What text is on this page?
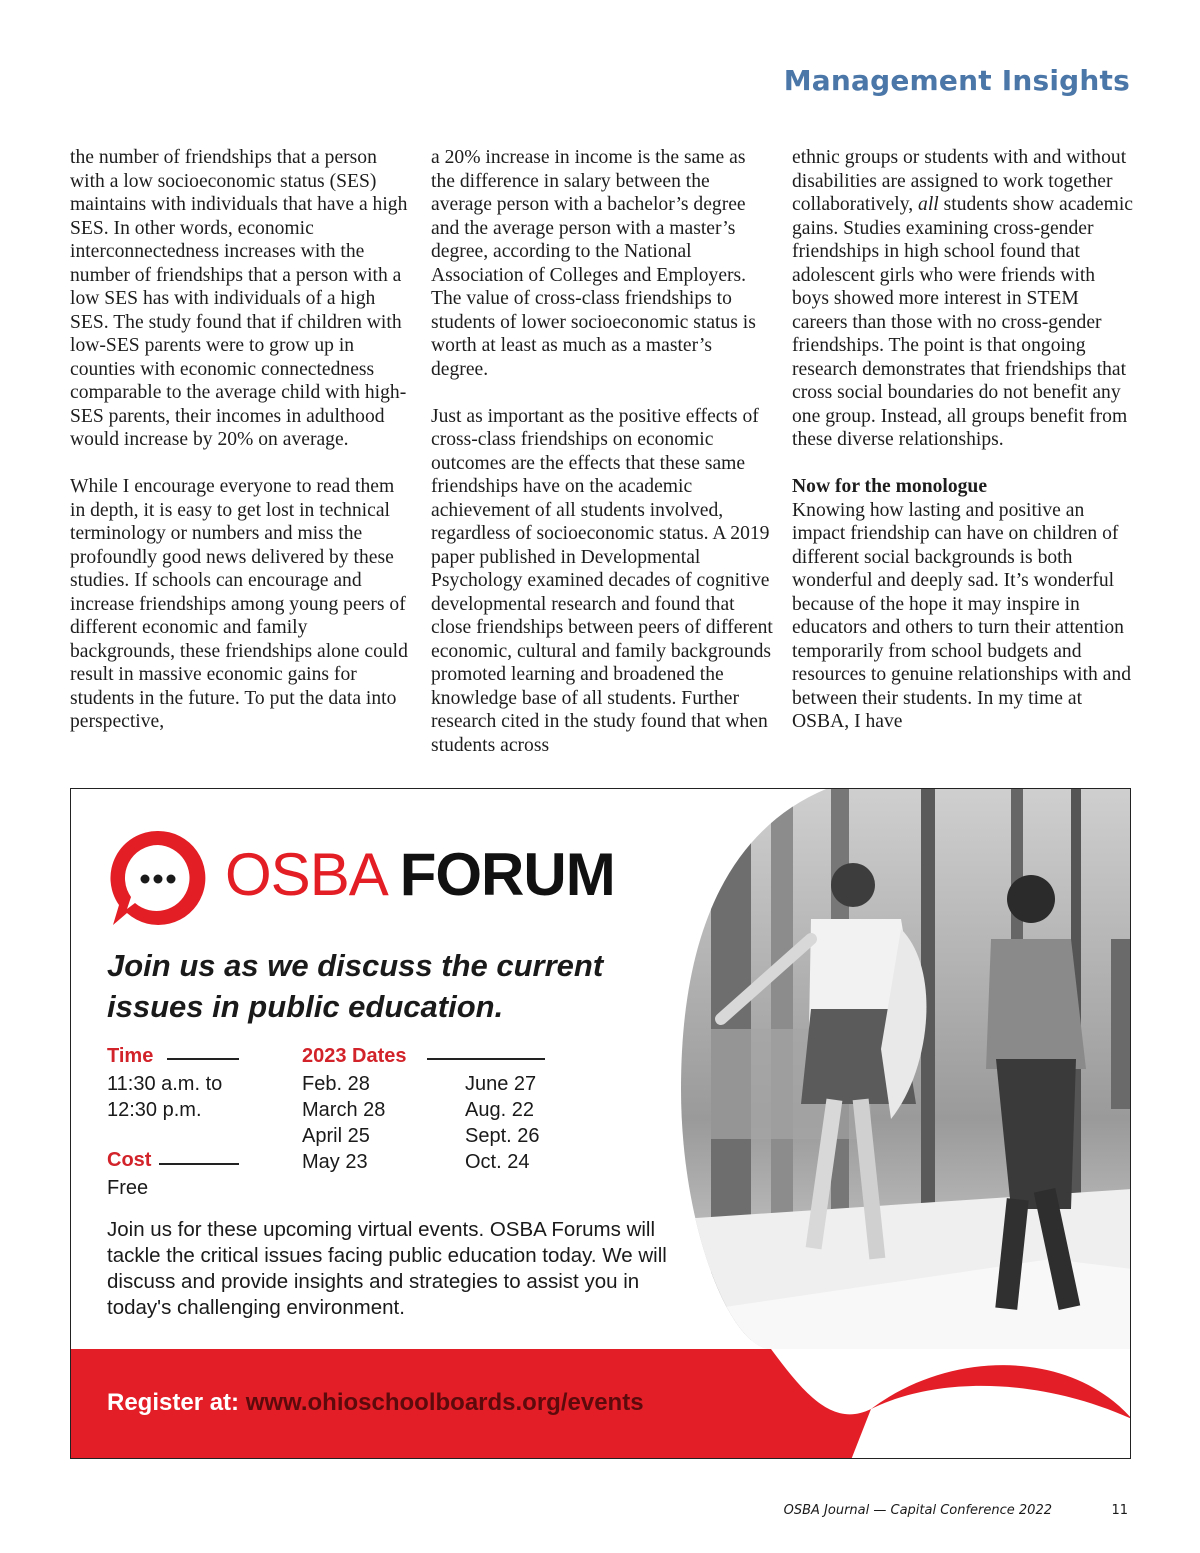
Management Insights

the number of friendships that a person with a low socioeconomic status (SES) maintains with individuals that have a high SES. In other words, economic interconnectedness increases with the number of friendships that a person with a low SES has with individuals of a high SES. The study found that if children with low-SES parents were to grow up in counties with economic connectedness comparable to the average child with high-SES parents, their incomes in adulthood would increase by 20% on average.

While I encourage everyone to read them in depth, it is easy to get lost in technical terminology or numbers and miss the profoundly good news delivered by these studies. If schools can encourage and increase friendships among young peers of different economic and family backgrounds, these friendships alone could result in massive economic gains for students in the future. To put the data into perspective,

a 20% increase in income is the same as the difference in salary between the average person with a bachelor’s degree and the average person with a master’s degree, according to the National Association of Colleges and Employers. The value of cross-class friendships to students of lower socioeconomic status is worth at least as much as a master’s degree.

Just as important as the positive effects of cross-class friendships on economic outcomes are the effects that these same friendships have on the academic achievement of all students involved, regardless of socioeconomic status. A 2019 paper published in Developmental Psychology examined decades of cognitive developmental research and found that close friendships between peers of different economic, cultural and family backgrounds promoted learning and broadened the knowledge base of all students. Further research cited in the study found that when students across

ethnic groups or students with and without disabilities are assigned to work together collaboratively, all students show academic gains. Studies examining cross-gender friendships in high school found that adolescent girls who were friends with boys showed more interest in STEM careers than those with no cross-gender friendships. The point is that ongoing research demonstrates that friendships that cross social boundaries do not benefit any one group. Instead, all groups benefit from these diverse relationships.

Now for the monologue

Knowing how lasting and positive an impact friendship can have on children of different social backgrounds is both wonderful and deeply sad. It’s wonderful because of the hope it may inspire in educators and others to turn their attention temporarily from school budgets and resources to genuine relationships with and between their students. In my time at OSBA, I have

OSBA FORUM
Join us as we discuss the current issues in public education.
Time
11:30 a.m. to
12:30 p.m.
Cost
Free
2023 Dates
Feb. 28
March 28
April 25
May 23
June 27
Aug. 22
Sept. 26
Oct. 24
Join us for these upcoming virtual events. OSBA Forums will tackle the critical issues facing public education today. We will discuss and provide insights and strategies to assist you in today's challenging environment.
Register at: www.ohioschoolboards.org/events
OSBA Journal — Capital Conference 2022	11
